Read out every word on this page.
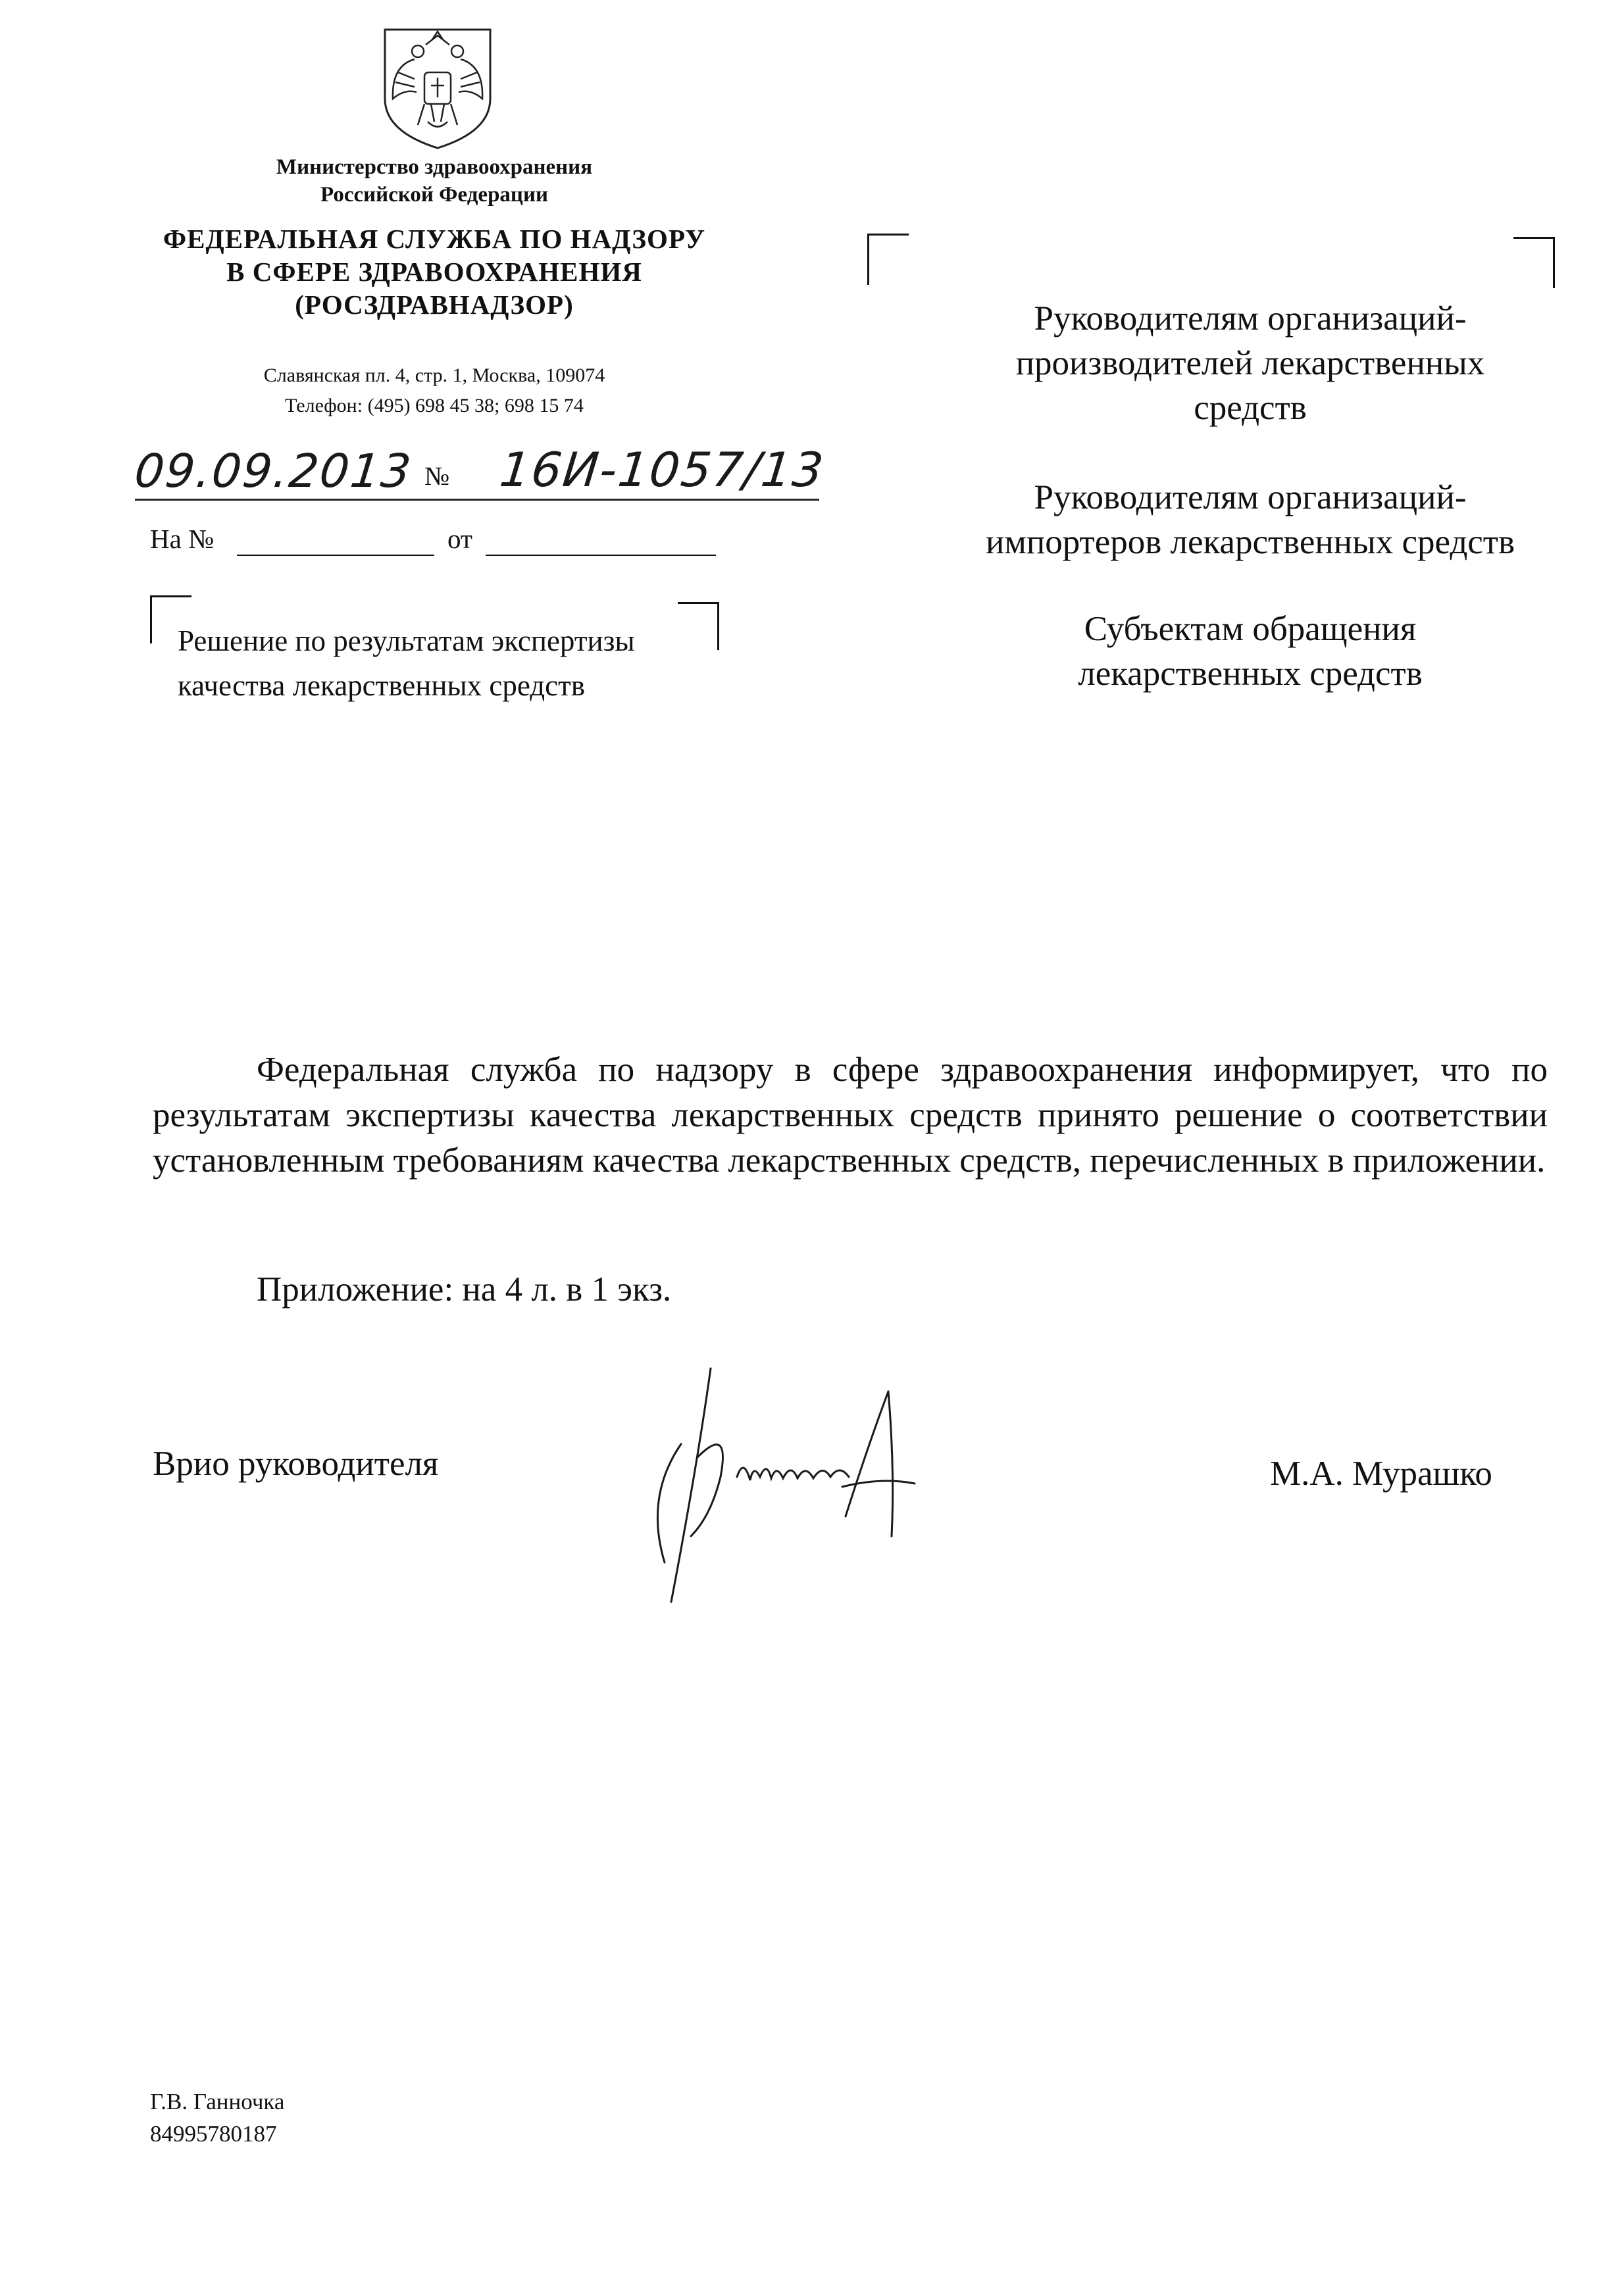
Министерство здравоохранения
Российской Федерации
ФЕДЕРАЛЬНАЯ СЛУЖБА ПО НАДЗОРУ
В СФЕРЕ ЗДРАВООХРАНЕНИЯ
(РОСЗДРАВНАДЗОР)
Славянская пл. 4, стр. 1, Москва, 109074
Телефон: (495) 698 45 38; 698 15 74
09.09.2013 № 16И-1057/13
На №	от
Решение по результатам экспертизы
качества лекарственных средств
Руководителям организаций-
производителей лекарственных
средств
Руководителям организаций-
импортеров лекарственных средств
Субъектам обращения
лекарственных средств

Федеральная служба по надзору в сфере здравоохранения информирует, что по результатам экспертизы качества лекарственных средств принято решение о соответствии установленным требованиям качества лекарственных средств, перечисленных в приложении.

Приложение: на 4 л. в 1 экз.
Врио руководителя	М.А. Мурашко
Г.В. Ганночка
84995780187
